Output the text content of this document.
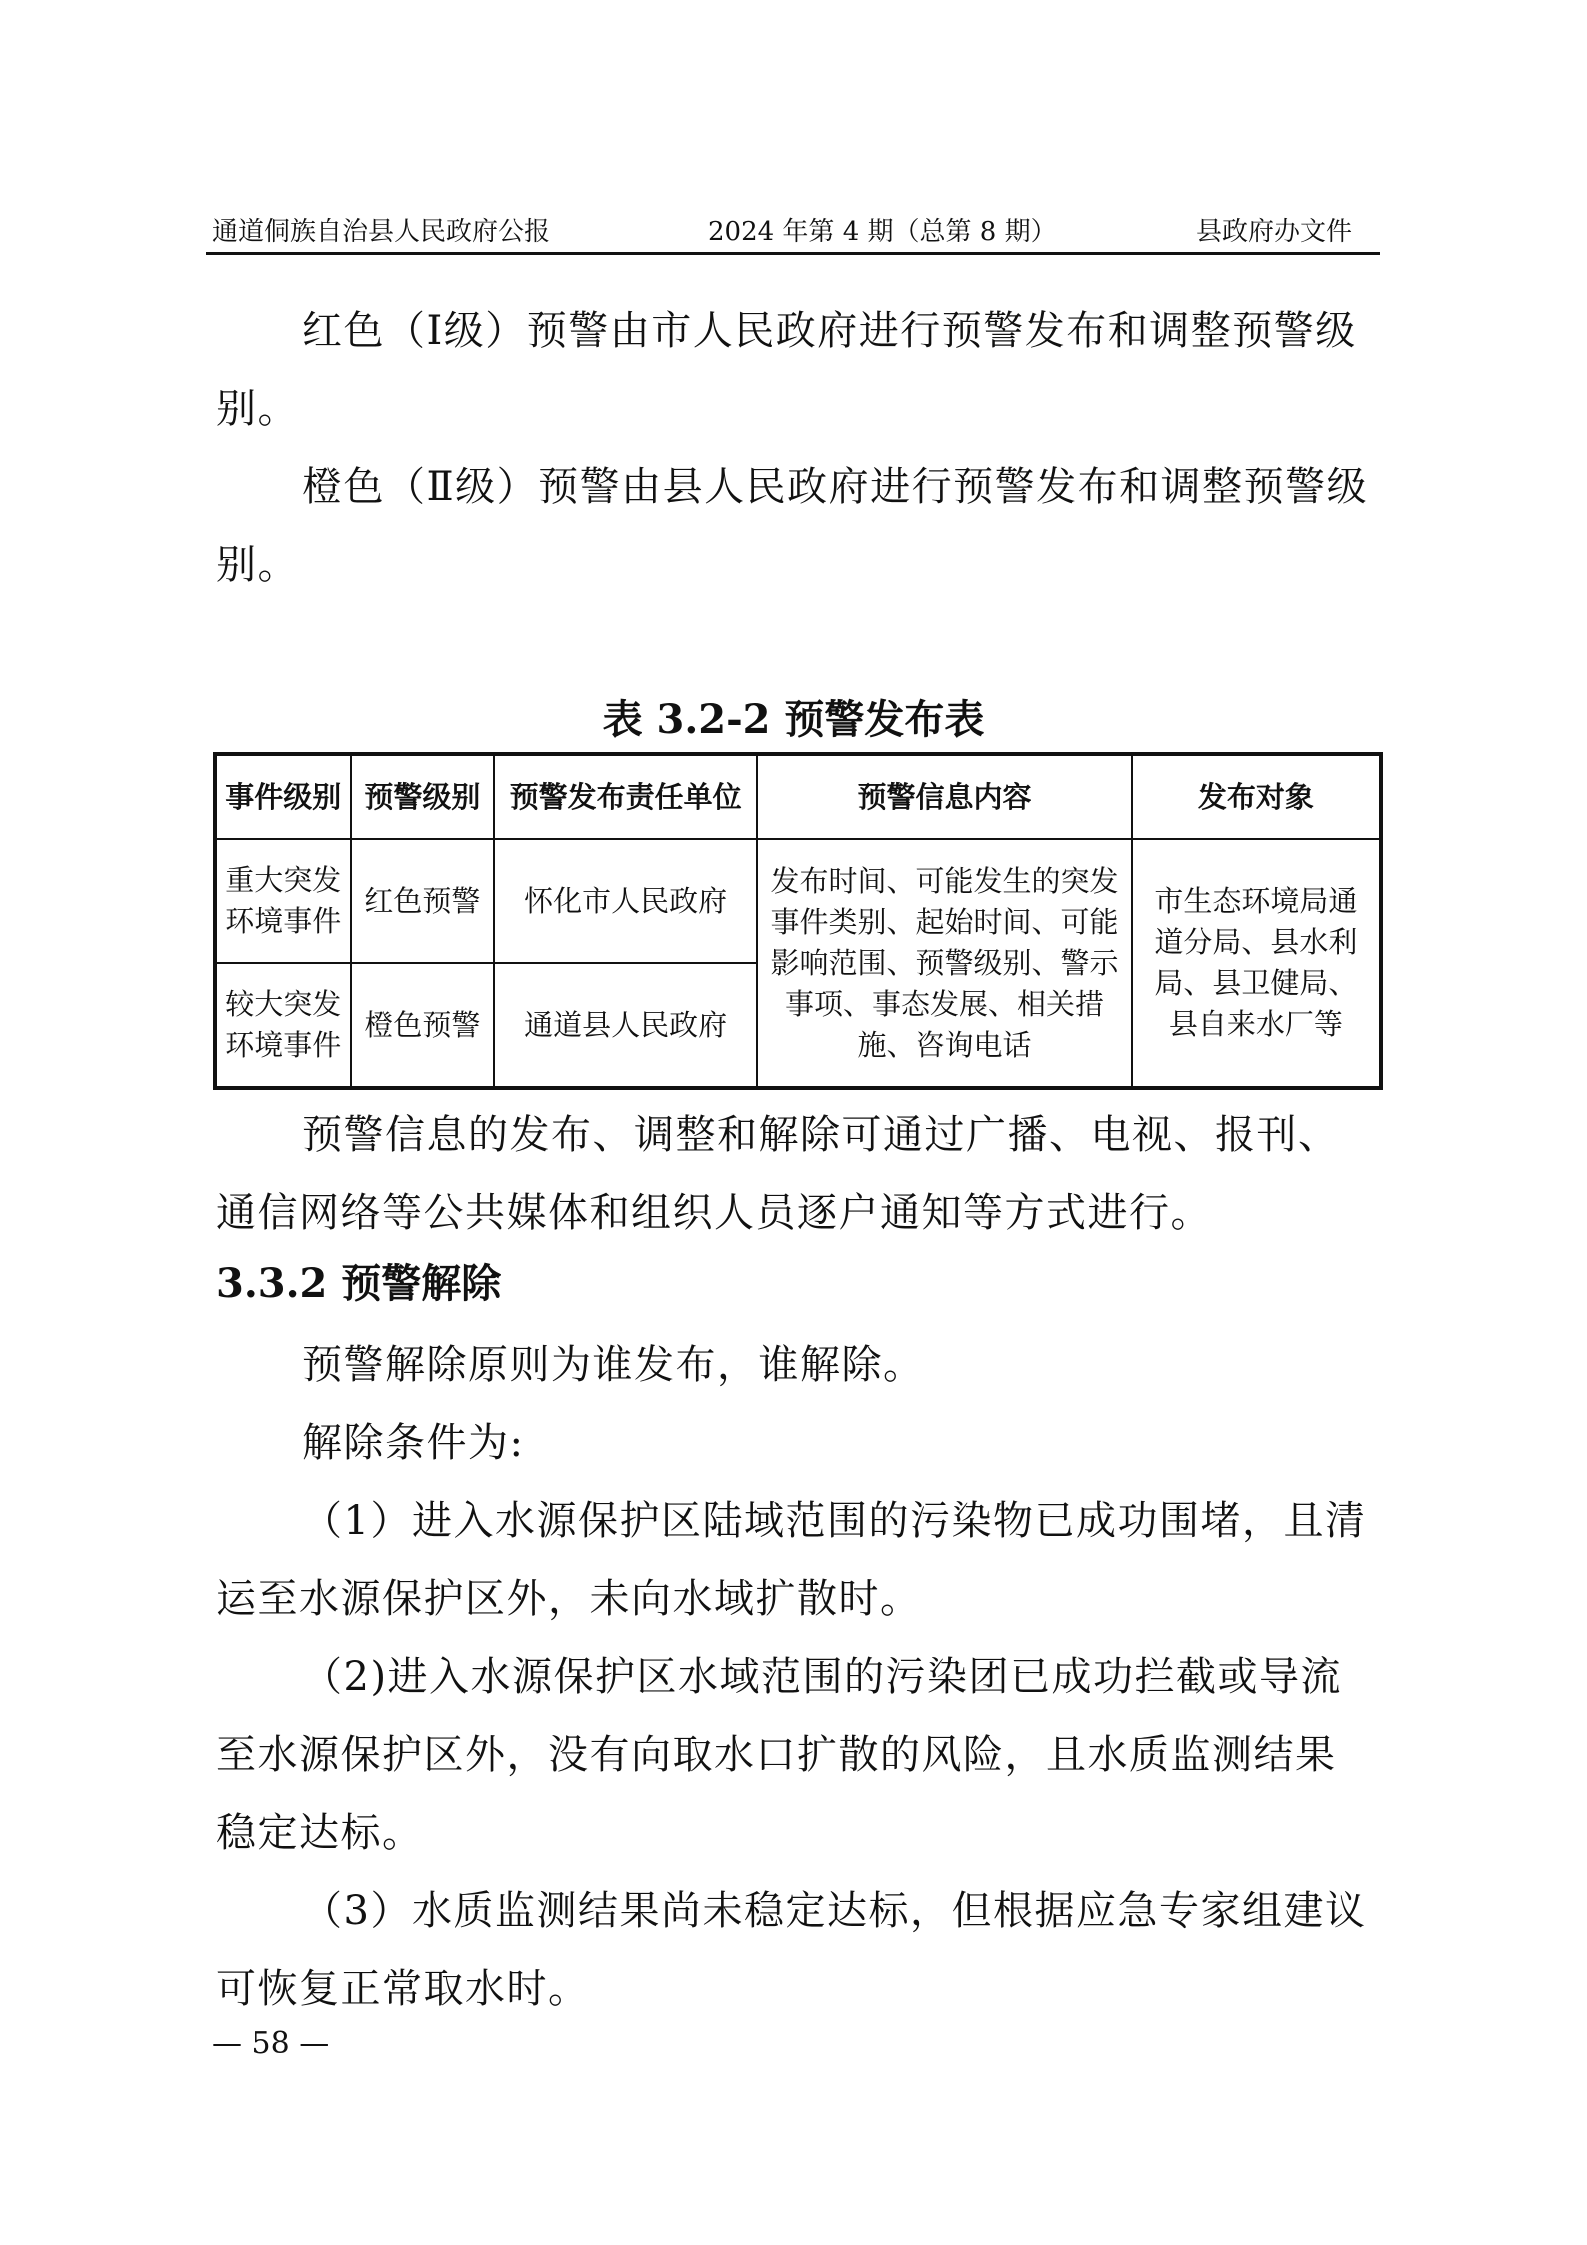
通道侗族自治县人民政府公报	2024 年第 4 期（总第 8 期）	县政府办文件

红色（Ⅰ级）预警由市人民政府进行预警发布和调整预警级别。

橙色（Ⅱ级）预警由县人民政府进行预警发布和调整预警级别。

表 3.2-2 预警发布表
事件级别	预警级别	预警发布责任单位	预警信息内容	发布对象
重大突发环境事件	红色预警	怀化市人民政府	发布时间、可能发生的突发事件类别、起始时间、可能影响范围、预警级别、警示事项、事态发展、相关措施、咨询电话	市生态环境局通道分局、县水利局、县卫健局、县自来水厂等
较大突发环境事件	橙色预警	通道县人民政府		

预警信息的发布、调整和解除可通过广播、电视、报刊、通信网络等公共媒体和组织人员逐户通知等方式进行。

3.3.2 预警解除

预警解除原则为谁发布，谁解除。

解除条件为:

（1）进入水源保护区陆域范围的污染物已成功围堵，且清运至水源保护区外，未向水域扩散时。

（2)进入水源保护区水域范围的污染团已成功拦截或导流至水源保护区外，没有向取水口扩散的风险，且水质监测结果稳定达标。

（3）水质监测结果尚未稳定达标，但根据应急专家组建议可恢复正常取水时。

— 58 —
